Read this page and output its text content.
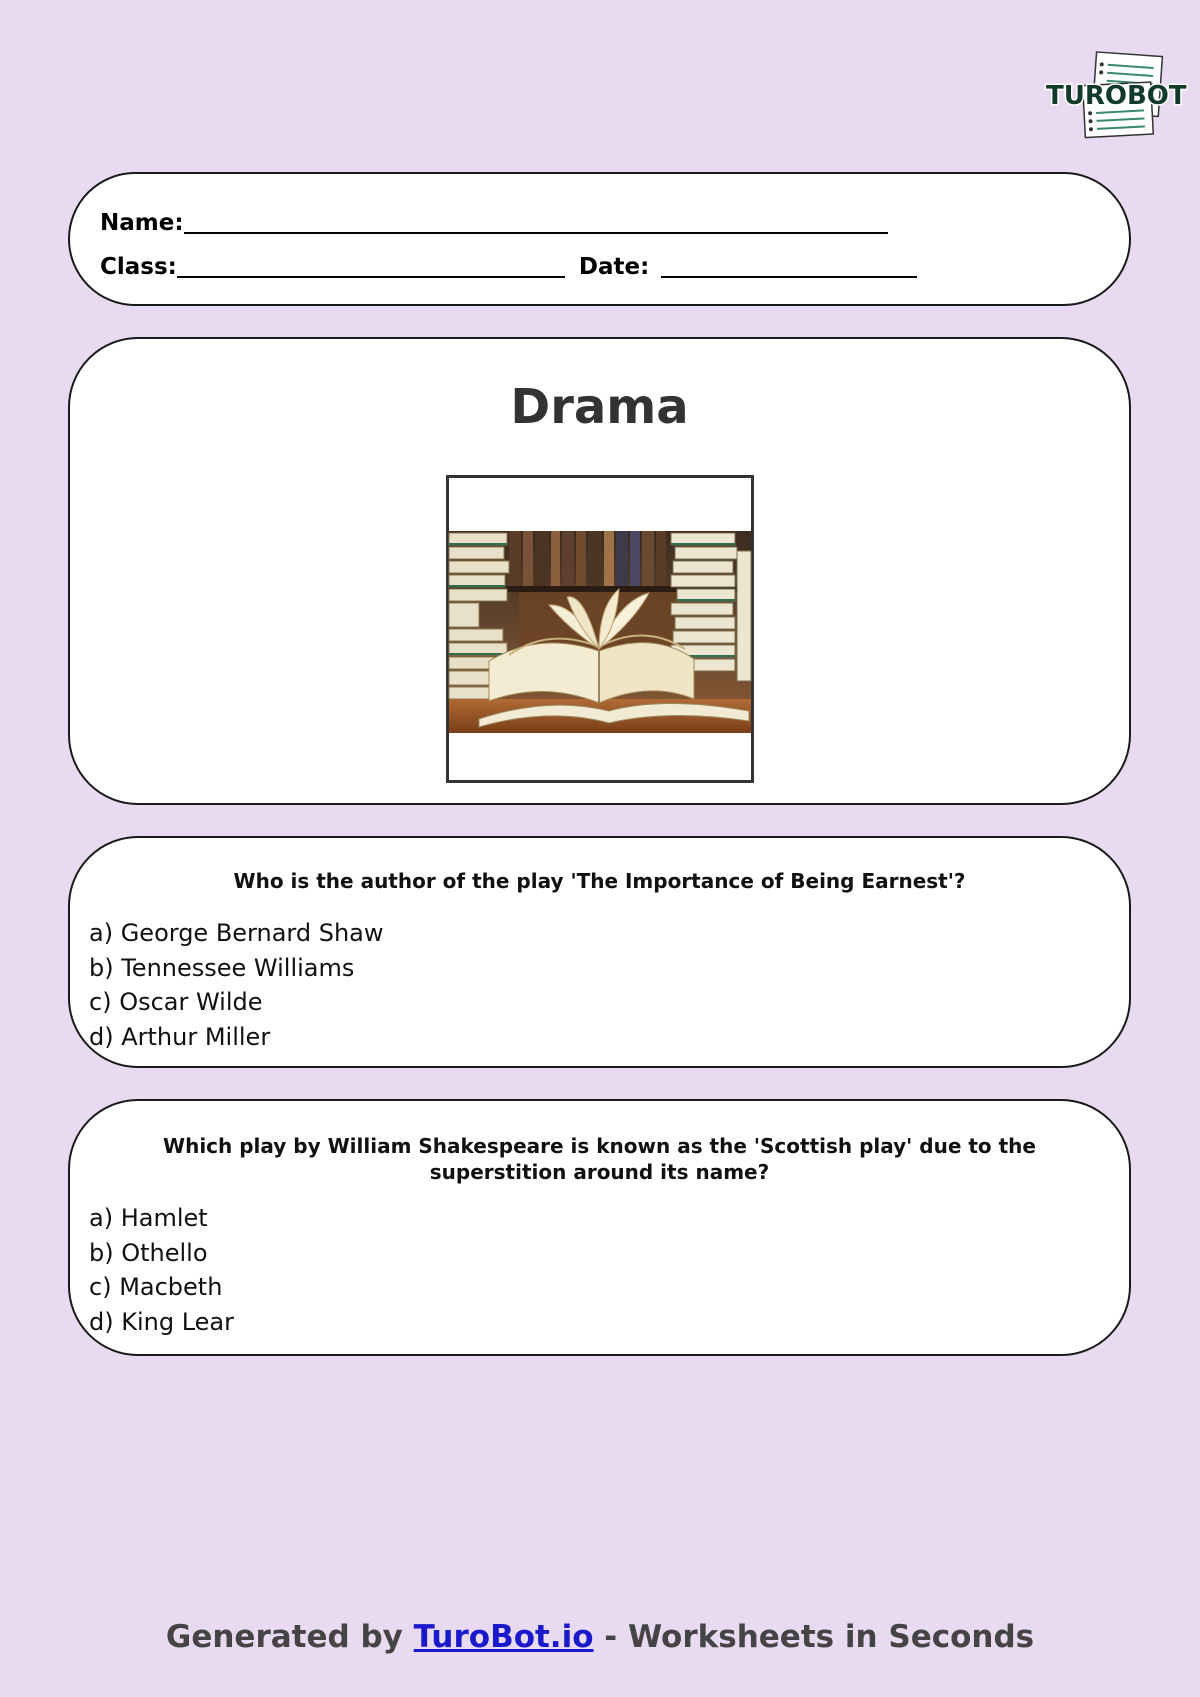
TUROBOT
Name:
Class:	Date:
Drama
Who is the author of the play 'The Importance of Being Earnest'?
a) George Bernard Shaw
b) Tennessee Williams
c) Oscar Wilde
d) Arthur Miller
Which play by William Shakespeare is known as the 'Scottish play' due to the superstition around its name?
a) Hamlet
b) Othello
c) Macbeth
d) King Lear
Generated by TuroBot.io - Worksheets in Seconds
